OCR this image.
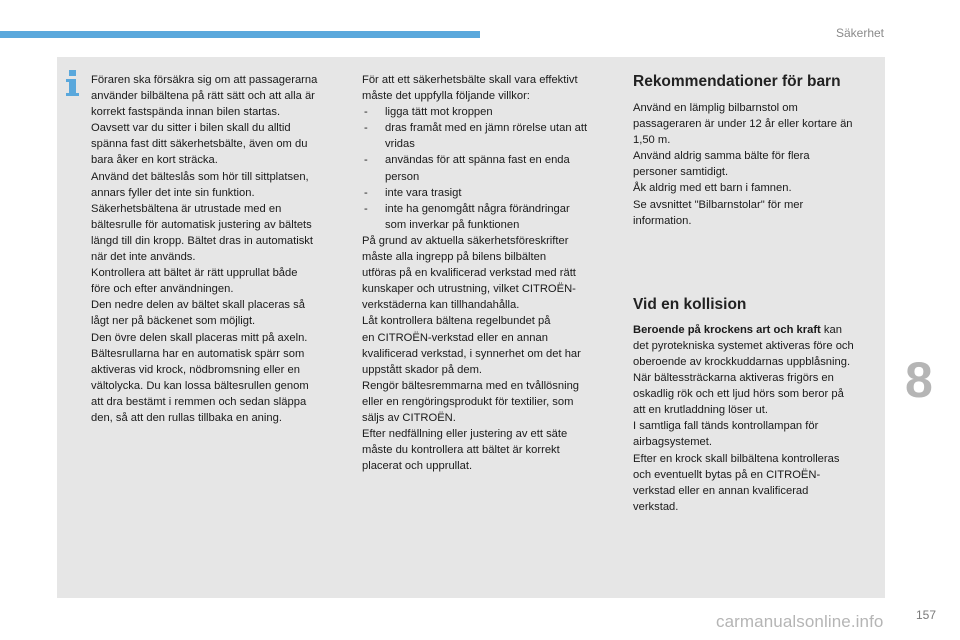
Säkerhet

Föraren ska försäkra sig om att passagerarna

använder bilbältena på rätt sätt och att alla är

korrekt fastspända innan bilen startas.

Oavsett var du sitter i bilen skall du alltid

spänna fast ditt säkerhetsbälte, även om du

bara åker en kort sträcka.

Använd det bälteslås som hör till sittplatsen,

annars fyller det inte sin funktion.

Säkerhetsbältena är utrustade med en

bältesrulle för automatisk justering av bältets

längd till din kropp. Bältet dras in automatiskt

när det inte används.

Kontrollera att bältet är rätt upprullat både

före och efter användningen.

Den nedre delen av bältet skall placeras så

lågt ner på bäckenet som möjligt.

Den övre delen skall placeras mitt på axeln.

Bältesrullarna har en automatisk spärr som

aktiveras vid krock, nödbromsning eller en

vältolycka. Du kan lossa bältesrullen genom

att dra bestämt i remmen och sedan släppa

den, så att den rullas tillbaka en aning.

För att ett säkerhetsbälte skall vara effektivt

måste det uppfylla följande villkor:

- ligga tätt mot kroppen

- dras framåt med en jämn rörelse utan att

vridas

- användas för att spänna fast en enda

person

- inte vara trasigt

- inte ha genomgått några förändringar

som inverkar på funktionen

På grund av aktuella säkerhetsföreskrifter

måste alla ingrepp på bilens bilbälten

utföras på en kvalificerad verkstad med rätt

kunskaper och utrustning, vilket CITROËN-

verkstäderna kan tillhandahålla.

Låt kontrollera bältena regelbundet på

en CITROËN-verkstad eller en annan

kvalificerad verkstad, i synnerhet om det har

uppstått skador på dem.

Rengör bältesremmarna med en tvållösning

eller en rengöringsprodukt för textilier, som

säljs av CITROËN.

Efter nedfällning eller justering av ett säte

måste du kontrollera att bältet är korrekt

placerat och upprullat.

Rekommendationer för barn

Använd en lämplig bilbarnstol om

passageraren är under 12 år eller kortare än

1,50 m.

Använd aldrig samma bälte för flera

personer samtidigt.

Åk aldrig med ett barn i famnen.

Se avsnittet "Bilbarnstolar" för mer

information.

Vid en kollision

Beroende på krockens art och kraft kan

det pyrotekniska systemet aktiveras före och

oberoende av krockkuddarnas uppblåsning.

När bältessträckarna aktiveras frigörs en

oskadlig rök och ett ljud hörs som beror på

att en krutladdning löser ut.

I samtliga fall tänds kontrollampan för

airbagsystemet.

Efter en krock skall bilbältena kontrolleras

och eventuellt bytas på en CITROËN-

verkstad eller en annan kvalificerad

verkstad.

8
157
carmanualsonline.info
